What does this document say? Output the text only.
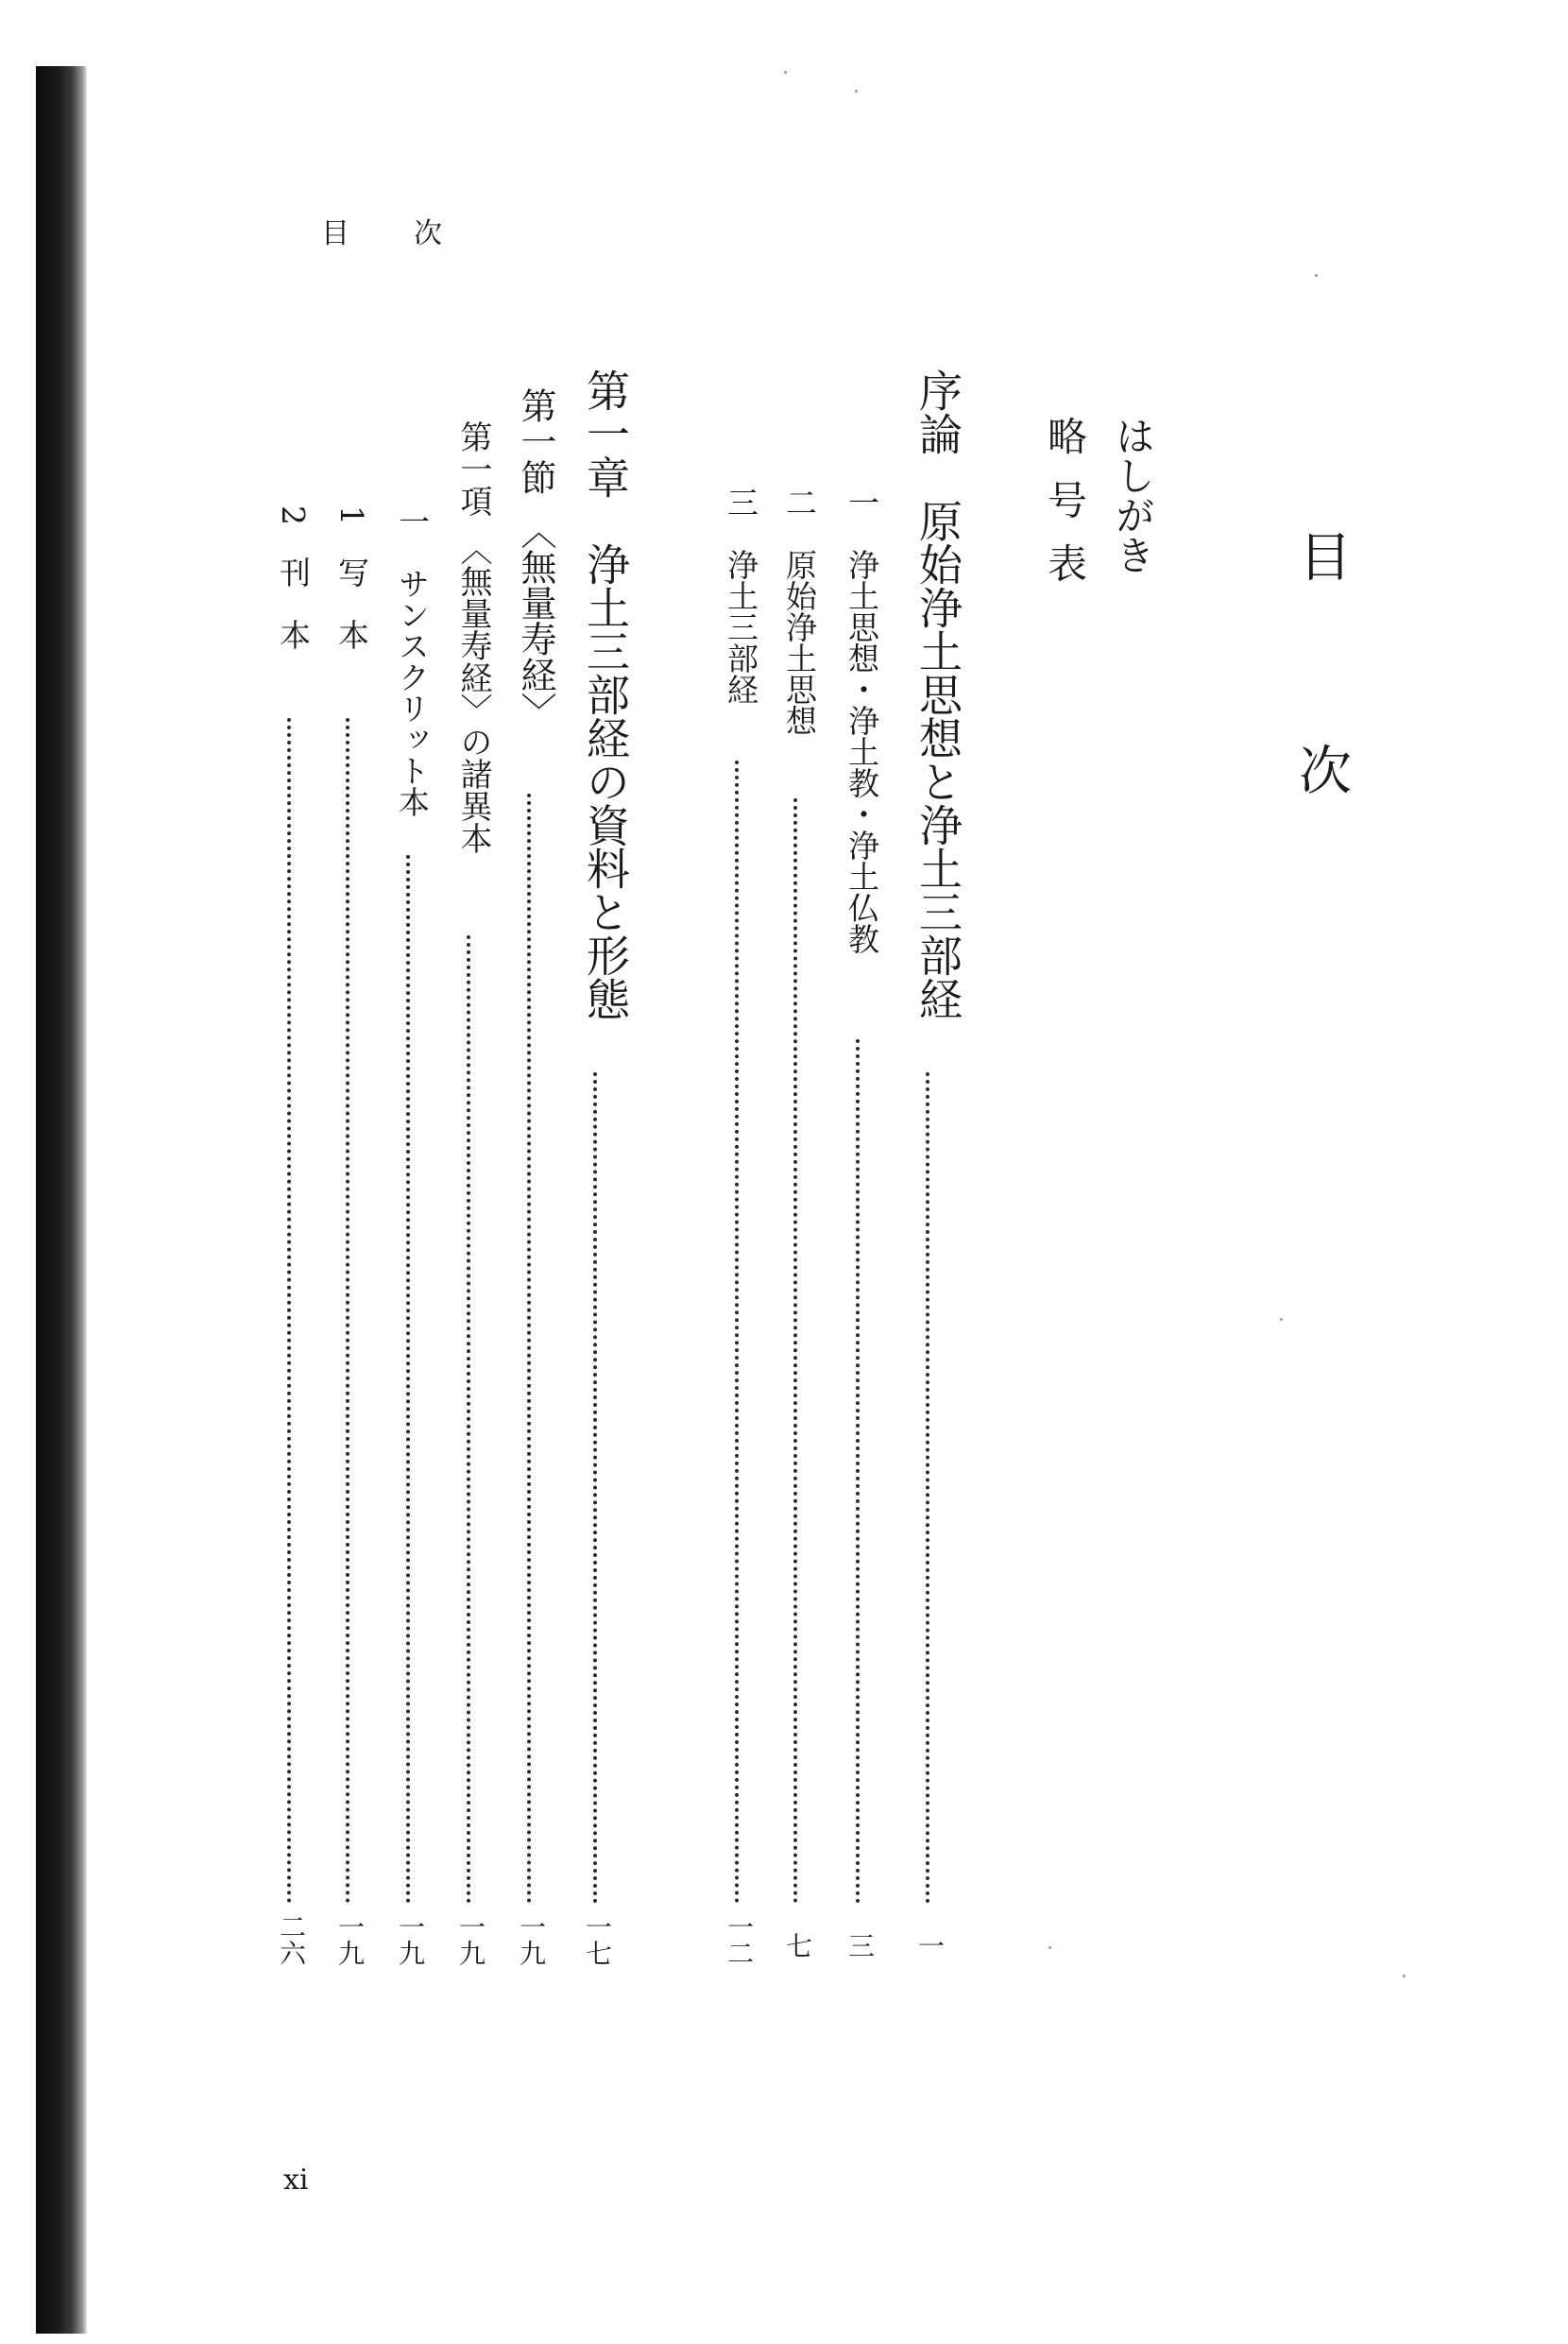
目 次
目次
はしがき
略 号 表
序論　原始浄土思想と浄土三部経
一
一　浄土思想・浄土教・浄土仏教
三
二　原始浄土思想
七
三　浄土三部経
一二
第一章　浄土三部経の資料と形態
一七
第一節　〈無量寿経〉
一九
第一項　〈無量寿経〉の諸異本
一九
一　サンスクリット本
一九
1　写　本
一九
2　刊　本
二六
xi
